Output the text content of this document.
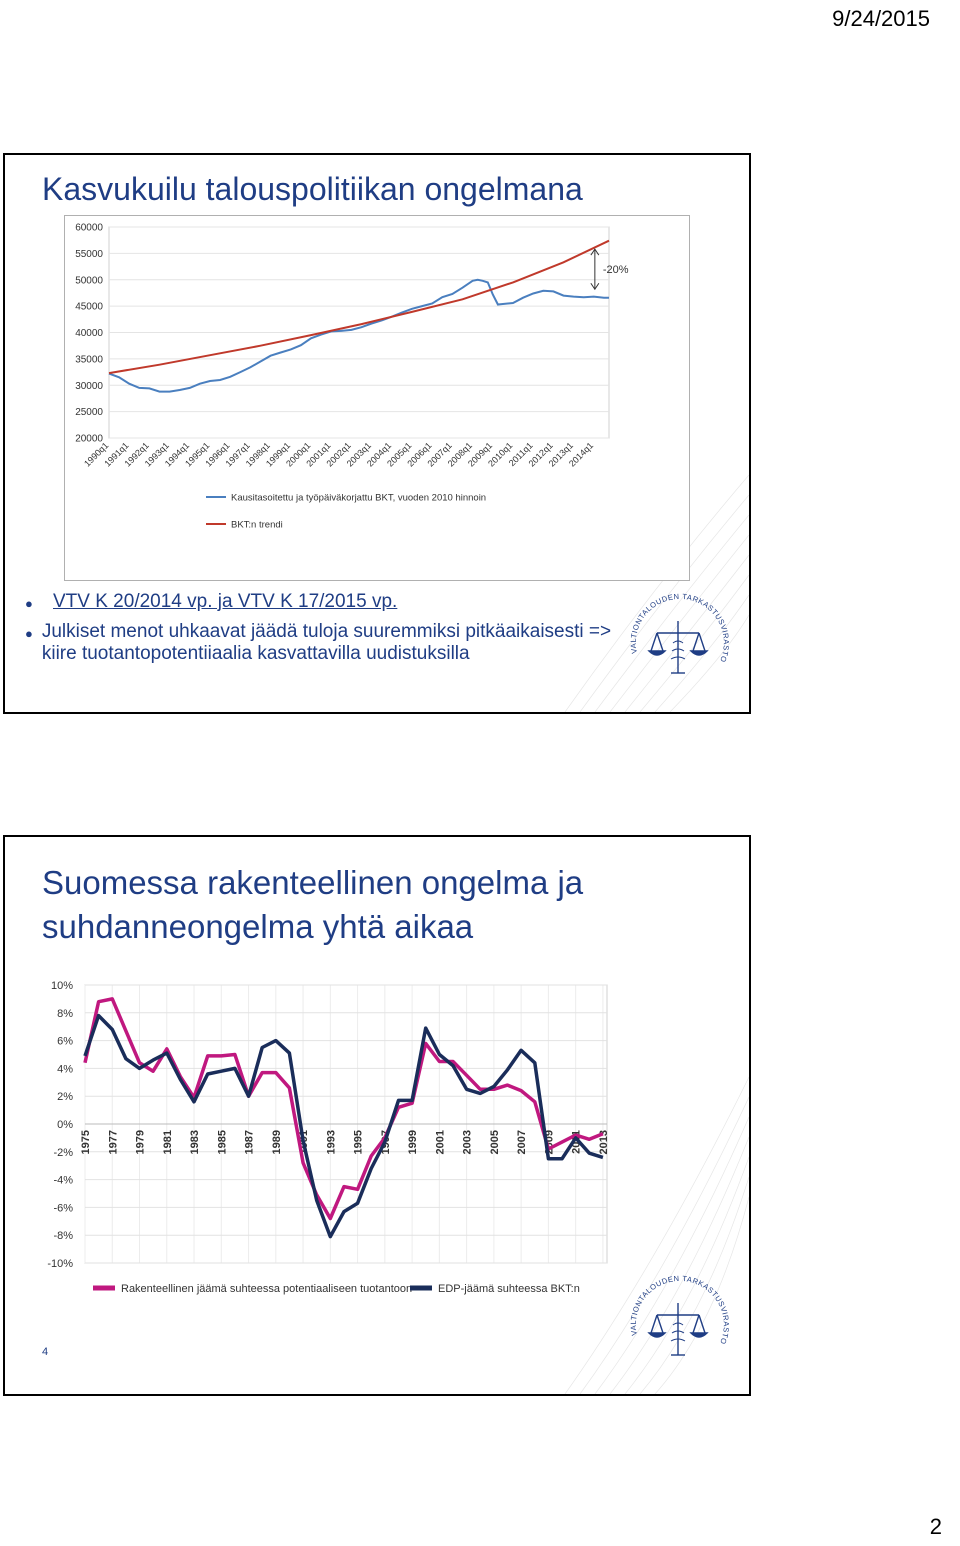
9/24/2015
Kasvukuilu talouspolitiikan ongelmana
20000
25000
30000
35000
40000
45000
50000
55000
60000
1990q1
1991q1
1992q1
1993q1
1994q1
1995q1
1996q1
1997q1
1998q1
1999q1
2000q1
2001q1
2002q1
2003q1
2004q1
2005q1
2006q1
2007q1
2008q1
2009q1
2010q1
2011q1
2012q1
2013q1
2014q1
-20%
Kausitasoitettu ja työpäiväkorjattu BKT, vuoden 2010 hinnoin
BKT:n trendi
●	VTV K 20/2014 vp. ja VTV K 17/2015 vp.
● Julkiset menot uhkaavat jäädä tuloja suuremmiksi pitkäaikaisesti => kiire tuotantopotentiiaalia kasvattavilla uudistuksilla	VALTIONTALOUDEN TARKASTUSVIRASTO
Suomessa rakenteellinen ongelma ja
suhdanneongelma yhtä aikaa
10%
8%
6%
4%
2%
0%
-2%
-4%
-6%
-8%
-10%
1975 1977 1979 1981 1983 1985 1987 1989 1991 1993 1995 1997 1999 2001 2003 2005 2007 2009 2011 2013
Rakenteellinen jäämä suhteessa potentiaaliseen tuotantoon EDP-jäämä suhteessa BKT:n
4
VALTIONTALOUDEN TARKASTUSVIRASTO
2
